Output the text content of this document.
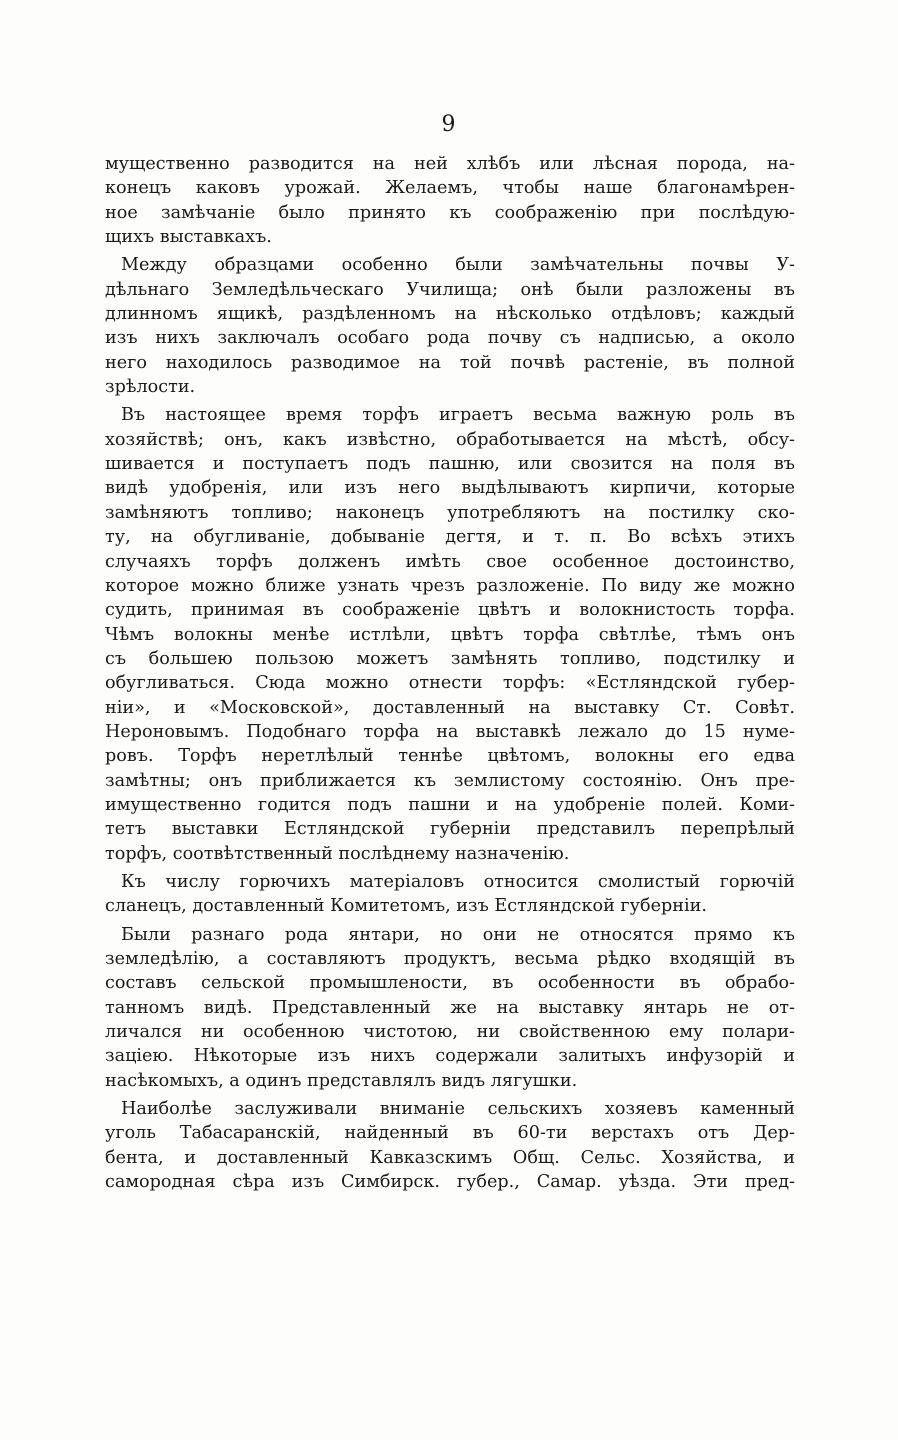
9
мущественно разводится на ней хлѣбъ или лѣсная порода, на-
конецъ каковъ урожай. Желаемъ, чтобы наше благонамѣрен-
ное замѣчаніе было принято къ соображенію при послѣдую-
щихъ выставкахъ.
Между образцами особенно были замѣчательны почвы У-
дѣльнаго Земледѣльческаго Училища; онѣ были разложены въ
длинномъ ящикѣ, раздѣленномъ на нѣсколько отдѣловъ; каждый
изъ нихъ заключалъ особаго рода почву съ надписью, а около
него находилось разводимое на той почвѣ растеніе, въ полной
зрѣлости.
Въ настоящее время торфъ играетъ весьма важную роль въ
хозяйствѣ; онъ, какъ извѣстно, обработывается на мѣстѣ, обсу-
шивается и поступаетъ подъ пашню, или свозится на поля въ
видѣ удобренія, или изъ него выдѣлываютъ кирпичи, которые
замѣняютъ топливо; наконецъ употребляютъ на постилку ско-
ту, на обугливаніе, добываніе дегтя, и т. п. Во всѣхъ этихъ
случаяхъ торфъ долженъ имѣть свое особенное достоинство,
которое можно ближе узнать чрезъ разложеніе. По виду же можно
судить, принимая въ соображеніе цвѣтъ и волокнистость торфа.
Чѣмъ волокны менѣе истлѣли, цвѣтъ торфа свѣтлѣе, тѣмъ онъ
съ большею пользою можетъ замѣнять топливо, подстилку и
обугливаться. Сюда можно отнести торфъ: «Естляндской губер-
ніи», и «Московской», доставленный на выставку Ст. Совѣт.
Нероновымъ. Подобнаго торфа на выставкѣ лежало до 15 нуме-
ровъ. Торфъ неретлѣлый теннѣе цвѣтомъ, волокны его едва
замѣтны; онъ приближается къ землистому состоянію. Онъ пре-
имущественно годится подъ пашни и на удобреніе полей. Коми-
тетъ выставки Естляндской губерніи представилъ перепрѣлый
торфъ, соотвѣтственный послѣднему назначенію.
Къ числу горючихъ матеріаловъ относится смолистый горючій
сланецъ, доставленный Комитетомъ, изъ Естляндской губерніи.
Были разнаго рода янтари, но они не относятся прямо къ
земледѣлію, а составляютъ продуктъ, весьма рѣдко входящій въ
составъ сельской промышлености, въ особенности въ обрабо-
танномъ видѣ. Представленный же на выставку янтарь не от-
личался ни особенною чистотою, ни свойственною ему полари-
заціею. Нѣкоторые изъ нихъ содержали залитыхъ инфузорій и
насѣкомыхъ, а одинъ представлялъ видъ лягушки.
Наиболѣе заслуживали вниманіе сельскихъ хозяевъ каменный
уголь Табасаранскій, найденный въ 60-ти верстахъ отъ Дер-
бента, и доставленный Кавказскимъ Общ. Сельс. Хозяйства, и
самородная сѣра изъ Симбирск. губер., Самар. уѣзда. Эти пред-
